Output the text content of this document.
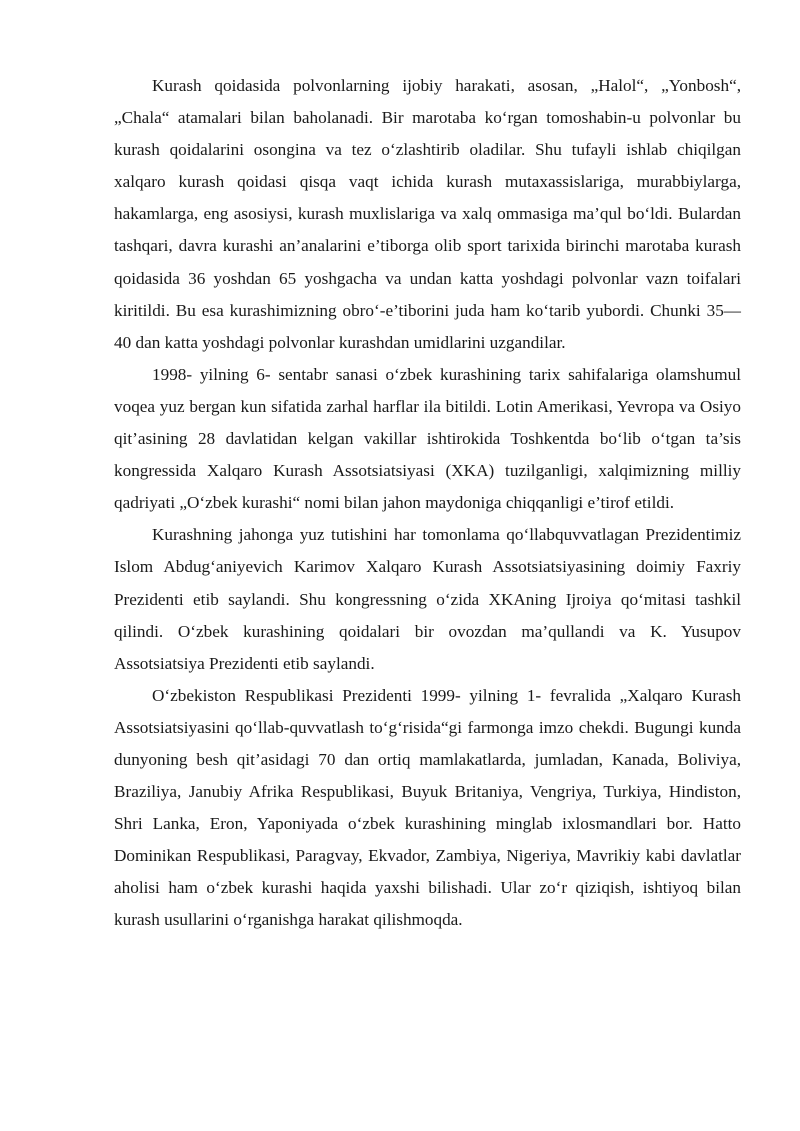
Kurash qoidasida polvonlarning ijobiy harakati, asosan, „Halol“, „Yonbosh“, „Chala“ atamalari bilan baholanadi. Bir marotaba ko‘rgan tomoshabin-u polvonlar bu kurash qoidalarini osongina va tez o‘zlashtirib oladilar. Shu tufayli ishlab chiqilgan xalqaro kurash qoidasi qisqa vaqt ichida kurash mutaxassislariga, murabbiylarga, hakamlarga, eng asosiysi, kurash muxlislariga va xalq ommasiga ma’qul bo‘ldi. Bulardan tashqari, davra kurashi an’analarini e’tiborga olib sport tarixida birinchi marotaba kurash qoidasida 36 yoshdan 65 yoshgacha va undan katta yoshdagi polvonlar vazn toifalari kiritildi. Bu esa kurashimizning obro‘-e’tiborini juda ham ko‘tarib yubordi. Chunki 35—40 dan katta yoshdagi polvonlar kurashdan umidlarini uzgandilar.

1998- yilning 6- sentabr sanasi o‘zbek kurashining tarix sahifalariga olamshumul voqea yuz bergan kun sifatida zarhal harflar ila bitildi. Lotin Amerikasi, Yevropa va Osiyo qit’asining 28 davlatidan kelgan vakillar ishtirokida Toshkentda bo‘lib o‘tgan ta’sis kongressida Xalqaro Kurash Assotsiatsiyasi (XKA) tuzilganligi, xalqimizning milliy qadriyati „O‘zbek kurashi“ nomi bilan jahon maydoniga chiqqanligi e’tirof etildi.

Kurashning jahonga yuz tutishini har tomonlama qo‘llabquvvatlagan Prezidentimiz Islom Abdug‘aniyevich Karimov Xalqaro Kurash Assotsiatsiyasining doimiy Faxriy Prezidenti etib saylandi. Shu kongressning o‘zida XKAning Ijroiya qo‘mitasi tashkil qilindi. O‘zbek kurashining qoidalari bir ovozdan ma’qullandi va K. Yusupov Assotsiatsiya Prezidenti etib saylandi.

O‘zbekiston Respublikasi Prezidenti 1999- yilning 1- fevralida „Xalqaro Kurash Assotsiatsiyasini qo‘llab-quvvatlash to‘g‘risida“gi farmonga imzo chekdi. Bugungi kunda dunyoning besh qit’asidagi 70 dan ortiq mamlakatlarda, jumladan, Kanada, Boliviya, Braziliya, Janubiy Afrika Respublikasi, Buyuk Britaniya, Vengriya, Turkiya, Hindiston, Shri Lanka, Eron, Yaponiyada o‘zbek kurashining minglab ixlosmandlari bor. Hatto Dominikan Respublikasi, Paragvay, Ekvador, Zambiya, Nigeriya, Mavrikiy kabi davlatlar aholisi ham o‘zbek kurashi haqida yaxshi bilishadi. Ular zo‘r qiziqish, ishtiyoq bilan kurash usullarini o‘rganishga harakat qilishmoqda.
